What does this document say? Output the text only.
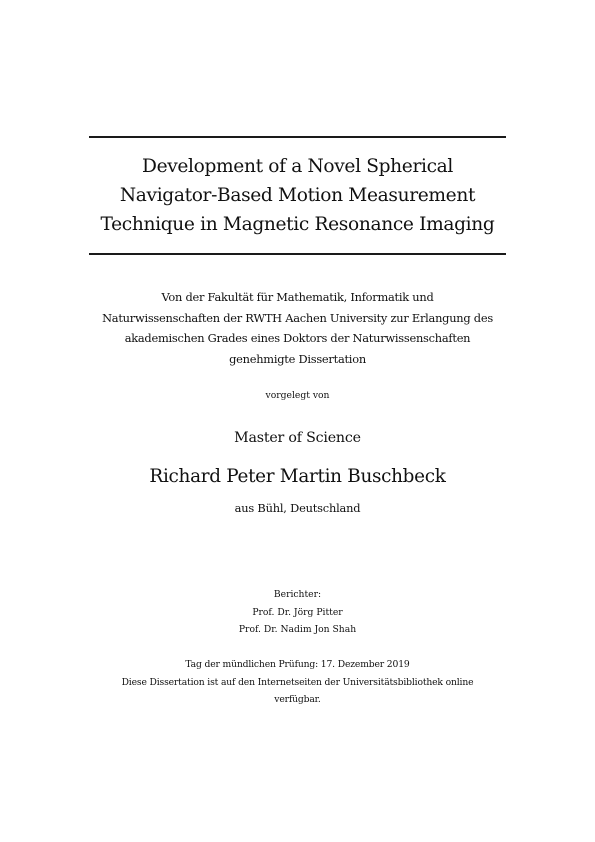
Development of a Novel Spherical
Navigator-Based Motion Measurement
Technique in Magnetic Resonance Imaging

Von der Fakultät für Mathematik, Informatik und
Naturwissenschaften der RWTH Aachen University zur Erlangung des
akademischen Grades eines Doktors der Naturwissenschaften
genehmigte Dissertation

vorgelegt von
Master of Science
Richard Peter Martin Buschbeck
aus Bühl, Deutschland

Berichter:
Prof. Dr. Jörg Pitter
Prof. Dr. Nadim Jon Shah

Tag der mündlichen Prüfung: 17. Dezember 2019
Diese Dissertation ist auf den Internetseiten der Universitätsbibliothek online
verfügbar.
